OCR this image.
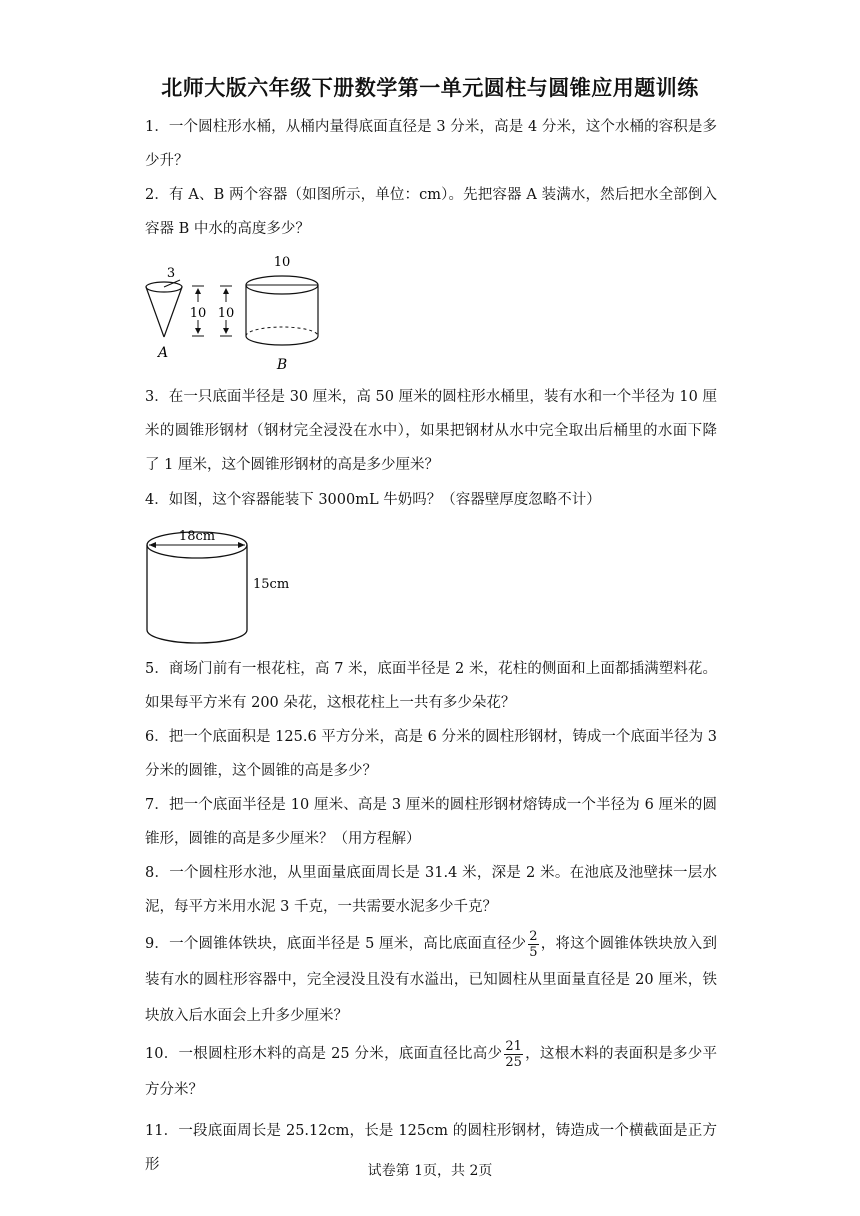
北师大版六年级下册数学第一单元圆柱与圆锥应用题训练
1．一个圆柱形水桶，从桶内量得底面直径是 3 分米，高是 4 分米，这个水桶的容积是多少升？
2．有 A、B 两个容器（如图所示，单位：cm）。先把容器 A 装满水，然后把水全部倒入容器 B 中水的高度多少？
3
A
10 10
10
B
3．在一只底面半径是 30 厘米，高 50 厘米的圆柱形水桶里，装有水和一个半径为 10 厘米的圆锥形钢材（钢材完全浸没在水中），如果把钢材从水中完全取出后桶里的水面下降了 1 厘米，这个圆锥形钢材的高是多少厘米？
4．如图，这个容器能装下 3000mL 牛奶吗？（容器壁厚度忽略不计）
18cm
15cm
5．商场门前有一根花柱，高 7 米，底面半径是 2 米，花柱的侧面和上面都插满塑料花。如果每平方米有 200 朵花，这根花柱上一共有多少朵花？
6．把一个底面积是 125.6 平方分米，高是 6 分米的圆柱形钢材，铸成一个底面半径为 3 分米的圆锥，这个圆锥的高是多少？
7．把一个底面半径是 10 厘米、高是 3 厘米的圆柱形钢材熔铸成一个半径为 6 厘米的圆锥形，圆锥的高是多少厘米？（用方程解）
8．一个圆柱形水池，从里面量底面周长是 31.4 米，深是 2 米。在池底及池壁抹一层水泥，每平方米用水泥 3 千克，一共需要水泥多少千克？
9．一个圆锥体铁块，底面半径是 5 厘米，高比底面直径少 $\frac{2}{5}$ ，将这个圆锥体铁块放入到装有水的圆柱形容器中，完全浸没且没有水溢出，已知圆柱从里面量直径是 20 厘米，铁块放入后水面会上升多少厘米？
10．一根圆柱形木料的高是 25 分米，底面直径比高少 $\frac{21}{25}$ ，这根木料的表面积是多少平方分米？
11．一段底面周长是 25.12cm，长是 125cm 的圆柱形钢材，铸造成一个横截面是正方形	试卷第 1页，共 2页
